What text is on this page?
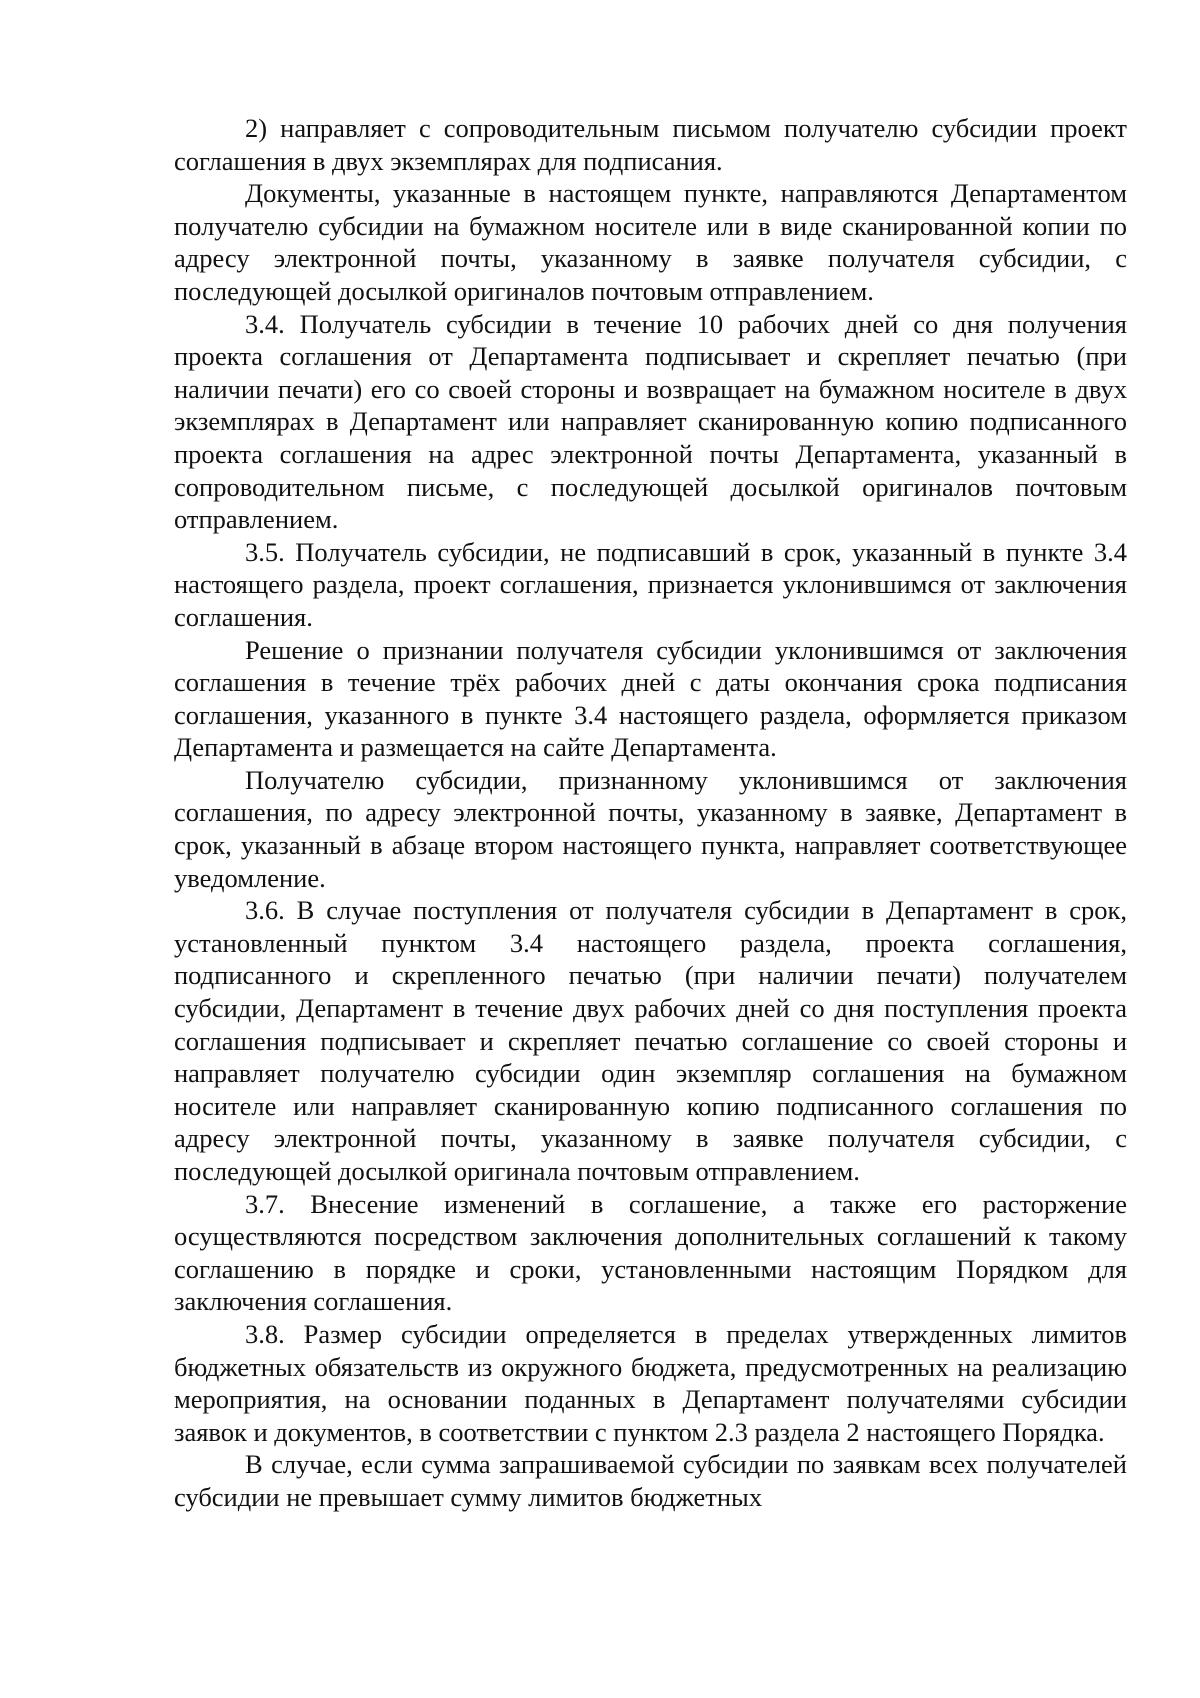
2) направляет с сопроводительным письмом получателю субсидии проект соглашения в двух экземплярах для подписания.

Документы, указанные в настоящем пункте, направляются Департаментом получателю субсидии на бумажном носителе или в виде сканированной копии по адресу электронной почты, указанному в заявке получателя субсидии, с последующей досылкой оригиналов почтовым отправлением.

3.4. Получатель субсидии в течение 10 рабочих дней со дня получения проекта соглашения от Департамента подписывает и скрепляет печатью (при наличии печати) его со своей стороны и возвращает на бумажном носителе в двух экземплярах в Департамент или направляет сканированную копию подписанного проекта соглашения на адрес электронной почты Департамента, указанный в сопроводительном письме, с последующей досылкой оригиналов почтовым отправлением.

3.5. Получатель субсидии, не подписавший в срок, указанный в пункте 3.4 настоящего раздела, проект соглашения, признается уклонившимся от заключения соглашения.

Решение о признании получателя субсидии уклонившимся от заключения соглашения в течение трёх рабочих дней с даты окончания срока подписания соглашения, указанного в пункте 3.4 настоящего раздела, оформляется приказом Департамента и размещается на сайте Департамента.

Получателю субсидии, признанному уклонившимся от заключения соглашения, по адресу электронной почты, указанному в заявке, Департамент в срок, указанный в абзаце втором настоящего пункта, направляет соответствующее уведомление.

3.6. В случае поступления от получателя субсидии в Департамент в срок, установленный пунктом 3.4 настоящего раздела, проекта соглашения, подписанного и скрепленного печатью (при наличии печати) получателем субсидии, Департамент в течение двух рабочих дней со дня поступления проекта соглашения подписывает и скрепляет печатью соглашение со своей стороны и направляет получателю субсидии один экземпляр соглашения на бумажном носителе или направляет сканированную копию подписанного соглашения по адресу электронной почты, указанному в заявке получателя субсидии, с последующей досылкой оригинала почтовым отправлением.

3.7. Внесение изменений в соглашение, а также его расторжение осуществляются посредством заключения дополнительных соглашений к такому соглашению в порядке и сроки, установленными настоящим Порядком для заключения соглашения.

3.8. Размер субсидии определяется в пределах утвержденных лимитов бюджетных обязательств из окружного бюджета, предусмотренных на реализацию мероприятия, на основании поданных в Департамент получателями субсидии заявок и документов, в соответствии с пунктом 2.3 раздела 2 настоящего Порядка.

В случае, если сумма запрашиваемой субсидии по заявкам всех получателей субсидии не превышает сумму лимитов бюджетных
